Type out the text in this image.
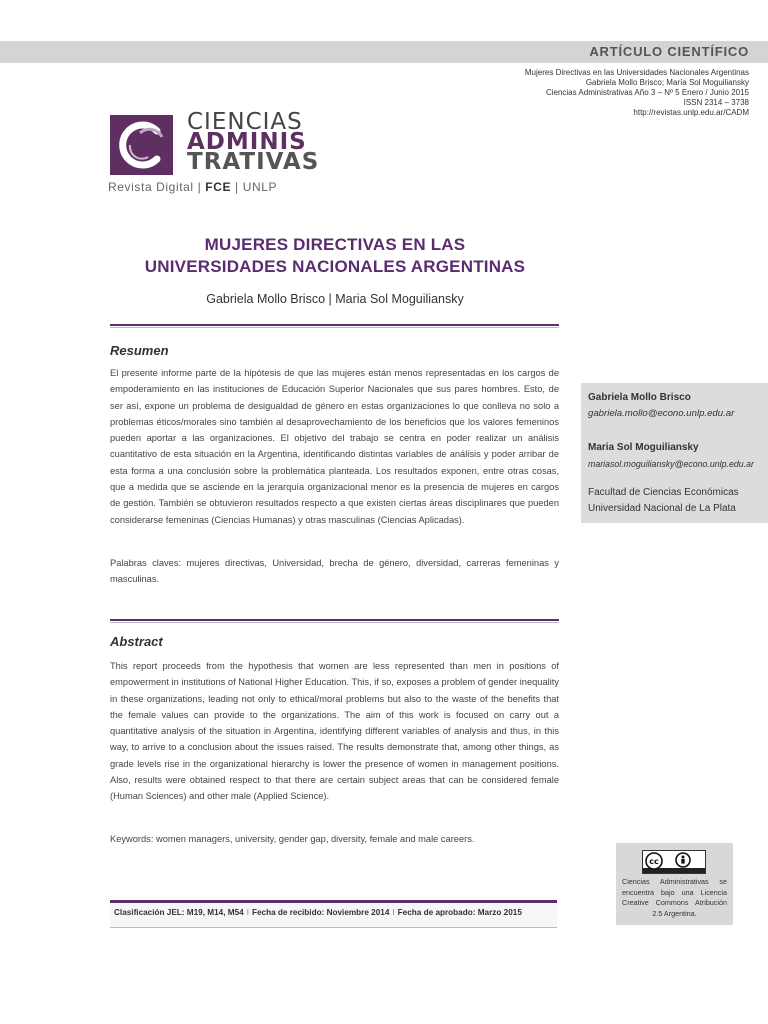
ARTÍCULO CIENTÍFICO
Mujeres Directivas en las Universidades Nacionales Argentinas
Gabriela Mollo Brisco; María Sol Moguiliansky
Ciencias Administrativas Año 3 – Nº 5 Enero / Junio 2015
ISSN 2314 – 3738
http://revistas.unlp.edu.ar/CADM
CIENCIAS
ADMINIS
TRATIVAS
Revista Digital | FCE | UNLP
MUJERES DIRECTIVAS EN LAS
UNIVERSIDADES NACIONALES ARGENTINAS
Gabriela Mollo Brisco | Maria Sol Moguiliansky
Resumen
El presente informe parte de la hipótesis de que las mujeres están menos representadas en los cargos de empoderamiento en las instituciones de Educación Superior Nacionales que sus pares hombres. Esto, de ser así, expone un problema de desigualdad de género en estas organizaciones lo que conlleva no solo a problemas éticos/morales sino también al desaprovechamiento de los beneficios que los valores femeninos pueden aportar a las organizaciones. El objetivo del trabajo se centra en poder realizar un análisis cuantitativo de esta situación en la Argentina, identificando distintas variables de análisis y poder arribar de esta forma a una conclusión sobre la problemática planteada. Los resultados exponen, entre otras cosas, que a medida que se asciende en la jerarquía organizacional menor es la presencia de mujeres en cargos de gestión. También se obtuvieron resultados respecto a que existen ciertas áreas disciplinares que pueden considerarse femeninas (Ciencias Humanas) y otras masculinas (Ciencias Aplicadas).
Palabras claves: mujeres directivas, Universidad, brecha de género, diversidad, carreras femeninas y masculinas.
Abstract
This report proceeds from the hypothesis that women are less represented than men in positions of empowerment in institutions of National Higher Education. This, if so, exposes a problem of gender inequality in these organizations, leading not only to ethical/moral problems but also to the waste of the benefits that the female values can provide to the organizations. The aim of this work is focused on carry out a quantitative analysis of the situation in Argentina, identifying different variables of analysis and thus, in this way, to arrive to a conclusion about the issues raised. The results demonstrate that, among other things, as grade levels rise in the organizational hierarchy is lower the presence of women in management positions. Also, results were obtained respect to that there are certain subject areas that can be considered female (Human Sciences) and other male (Applied Science).
Keywords: women managers, university, gender gap, diversity, female and male careers.
Gabriela Mollo Brisco
gabriela.mollo@econo.unlp.edu.ar
Maria Sol Moguiliansky
mariasol.moguiliansky@econo.unlp.edu.ar
Facultad de Ciencias Económicas
Universidad Nacional de La Plata
cc
Ciencias Administrativas se encuentra bajo una Licencia Creative Commons Atribución 2.5 Argentina.
Clasificación JEL: M19, M14, M54 I Fecha de recibido: Noviembre 2014 I Fecha de aprobado: Marzo 2015
